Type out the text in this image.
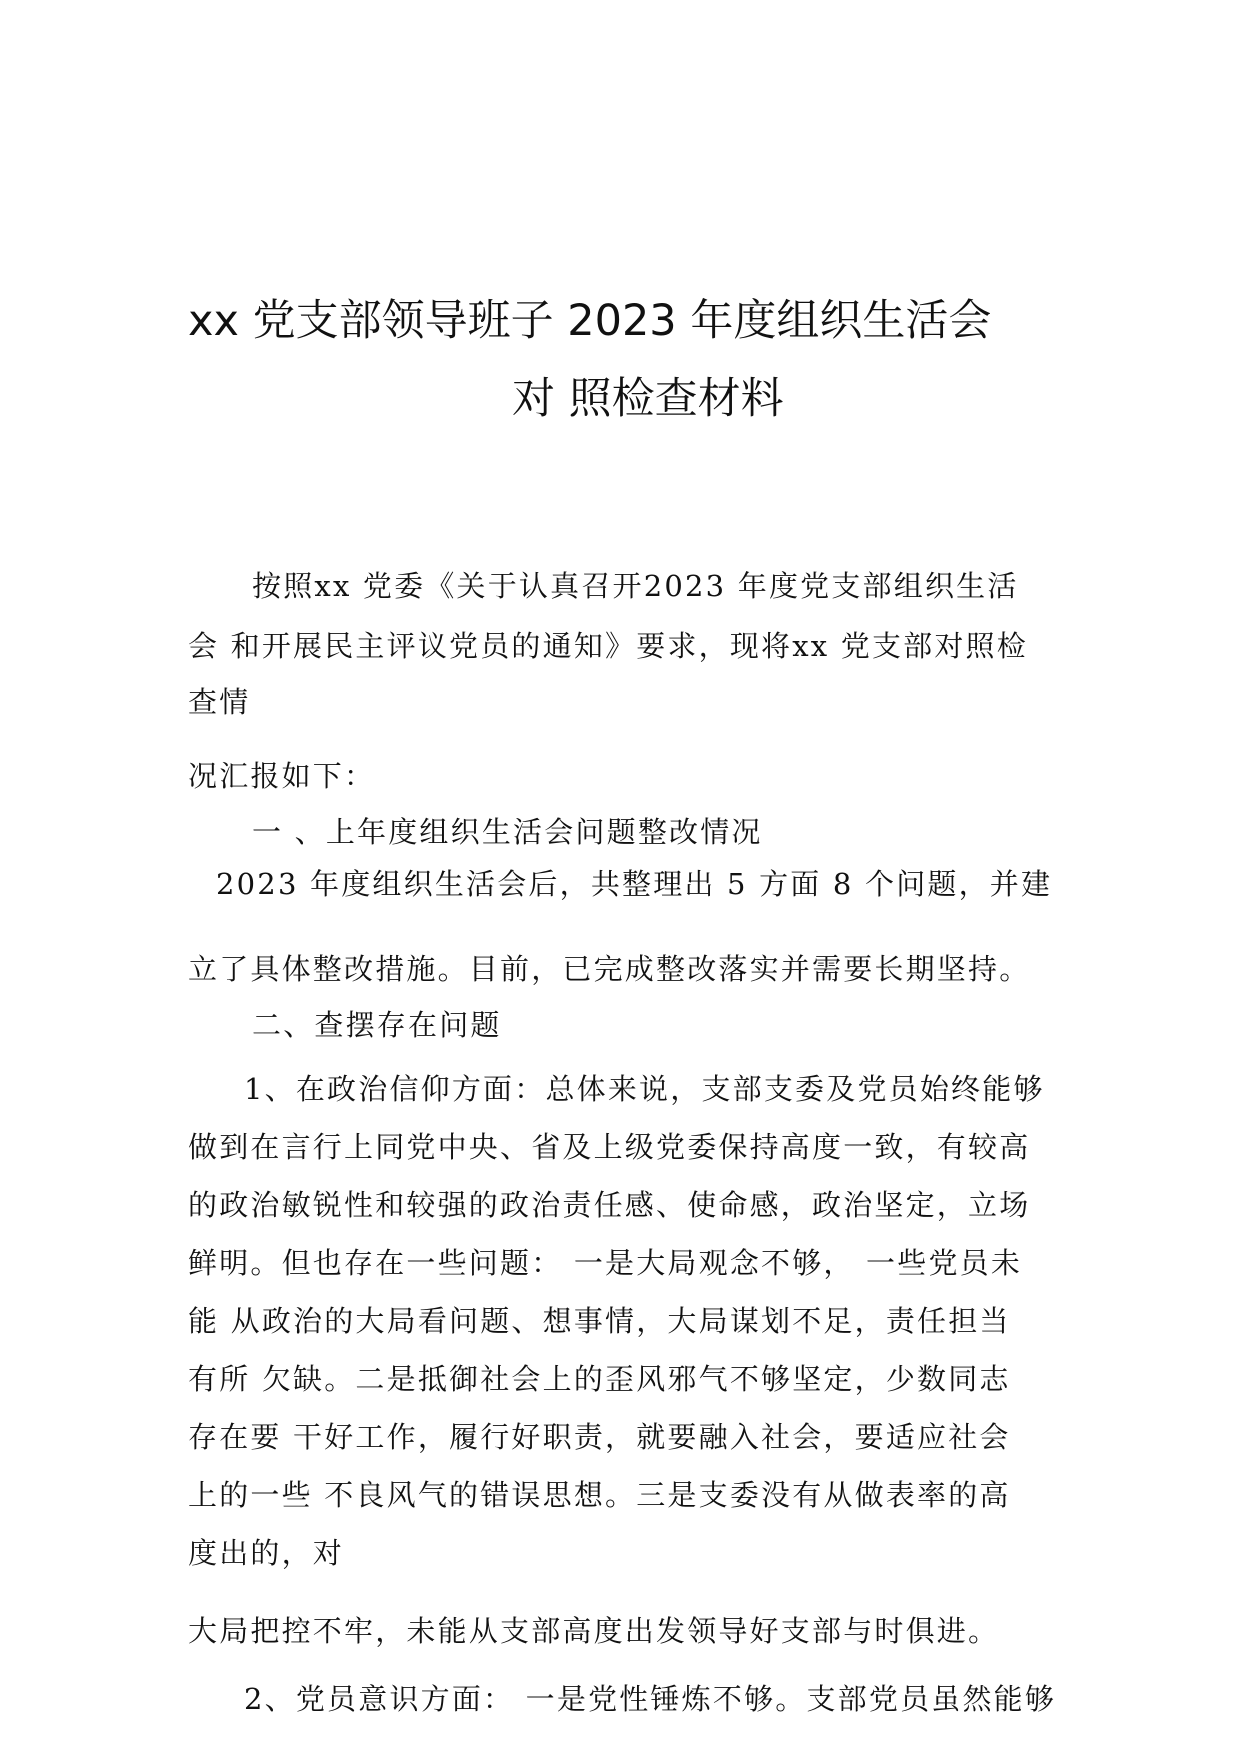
xx 党支部领导班子 2023 年度组织生活会
对 照检查材料
按照xx 党委《关于认真召开2023 年度党支部组织生活
会 和开展民主评议党员的通知》要求，现将xx 党支部对照检
查情
况汇报如下：
一 、上年度组织生活会问题整改情况
2023 年度组织生活会后，共整理出 5 方面 8 个问题，并建
立了具体整改措施。目前，已完成整改落实并需要长期坚持。
二、查摆存在问题
1、在政治信仰方面：总体来说，支部支委及党员始终能够
做到在言行上同党中央、省及上级党委保持高度一致，有较高
的政治敏锐性和较强的政治责任感、使命感，政治坚定，立场
鲜明。但也存在一些问题： 一是大局观念不够， 一些党员未
能 从政治的大局看问题、想事情，大局谋划不足，责任担当
有所 欠缺。二是抵御社会上的歪风邪气不够坚定，少数同志
存在要 干好工作，履行好职责，就要融入社会，要适应社会
上的一些 不良风气的错误思想。三是支委没有从做表率的高
度出的，对
大局把控不牢，未能从支部高度出发领导好支部与时俱进。
2、党员意识方面： 一是党性锤炼不够。支部党员虽然能够
